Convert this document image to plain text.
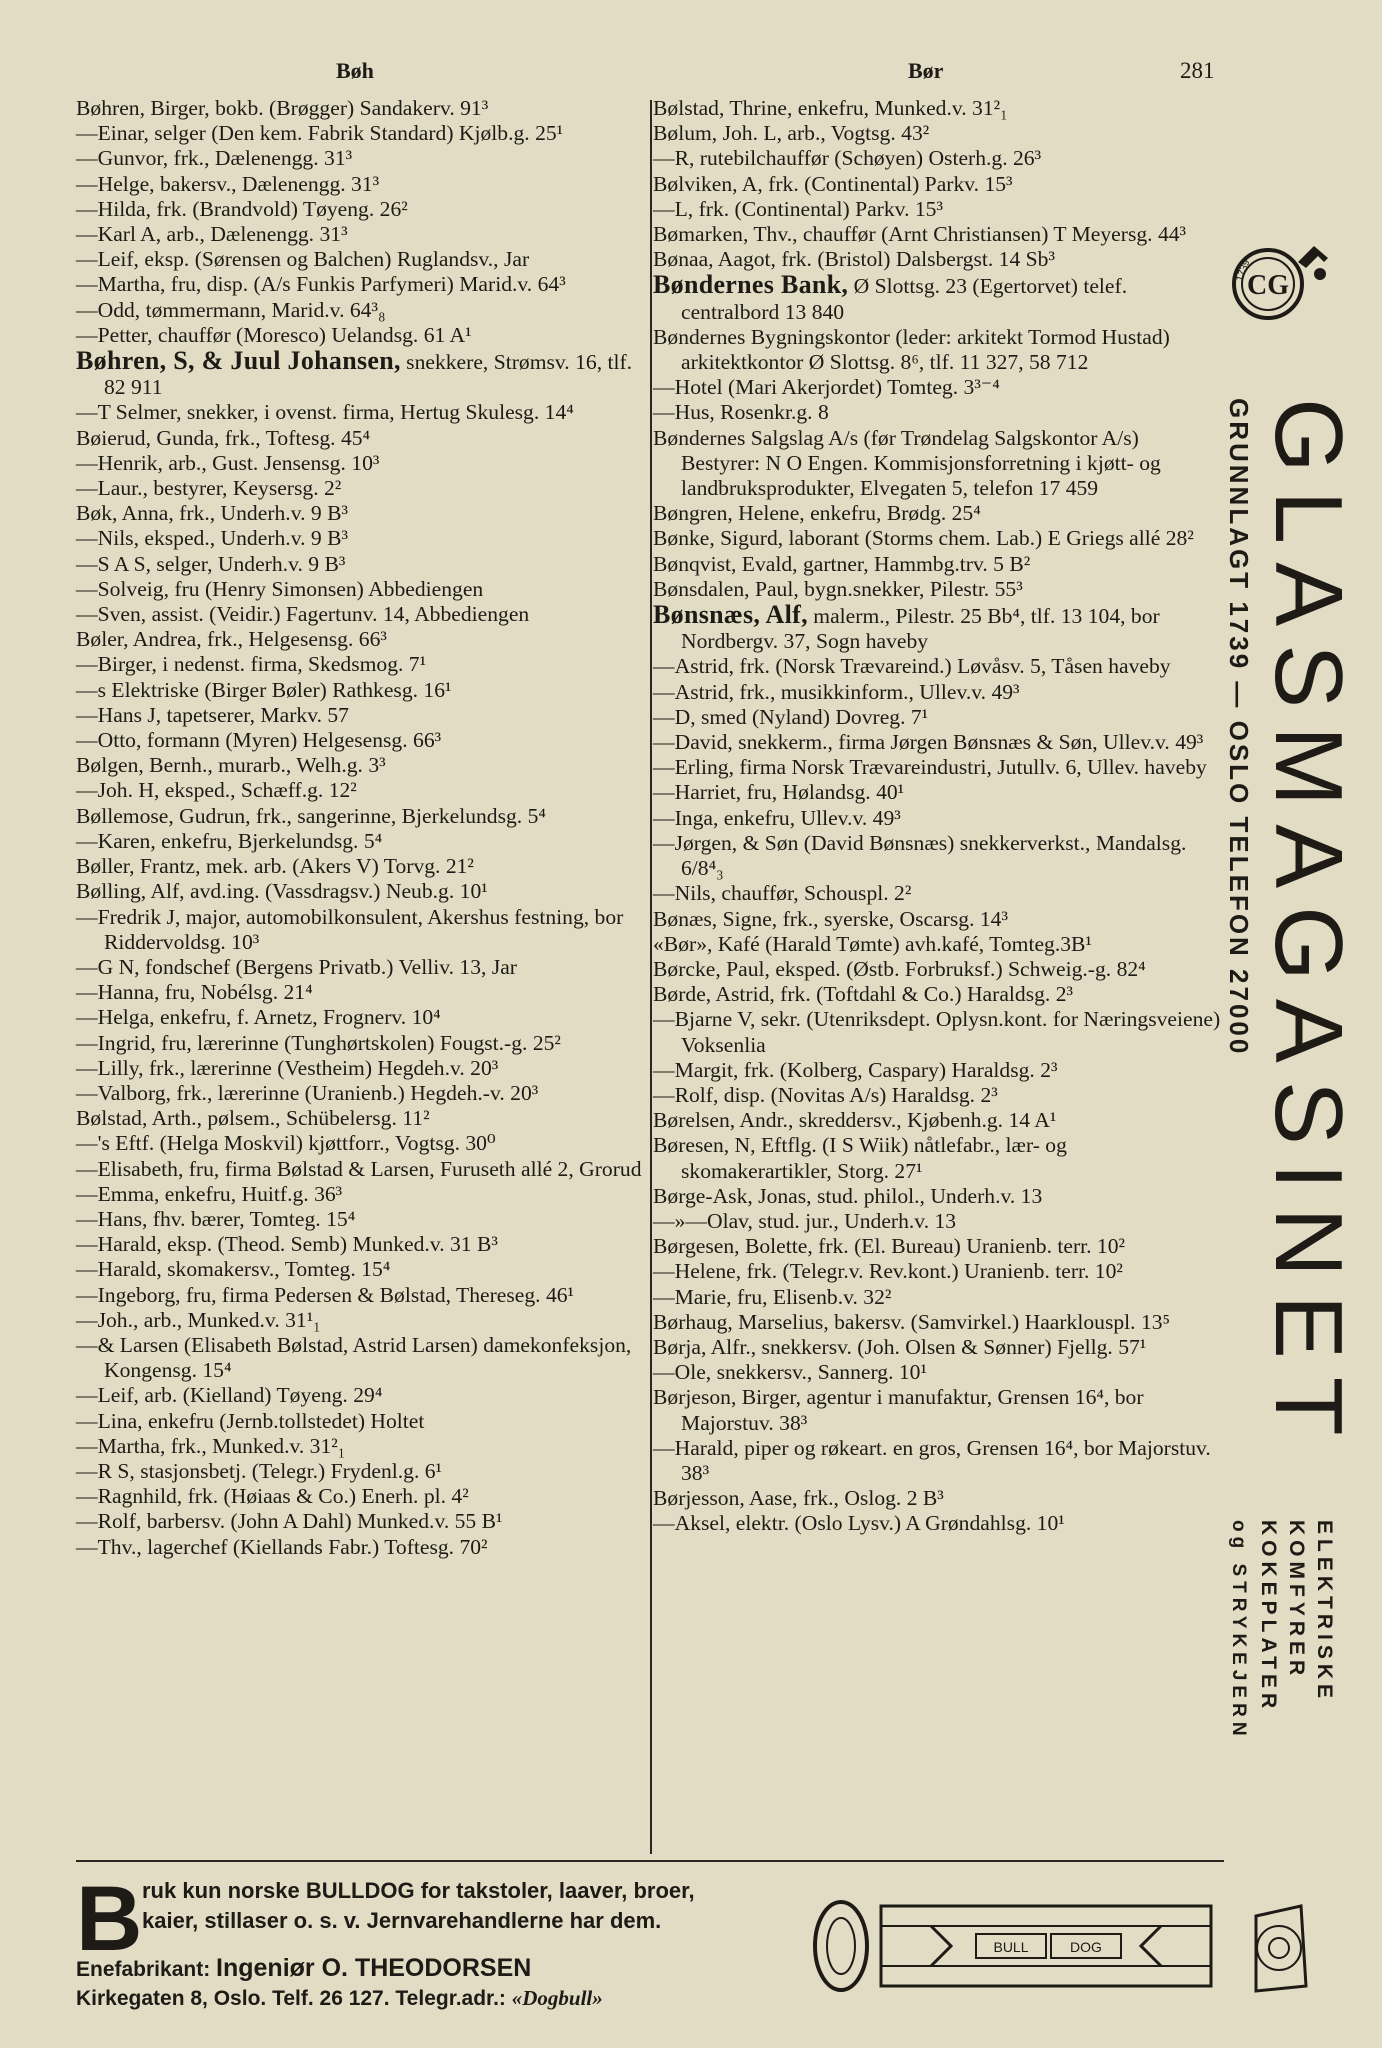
Bøh	Bør	281

Bøhren, Birger, bokb. (Brøgger) Sandakerv. 91³

—Einar, selger (Den kem. Fabrik Standard) Kjølb.g. 25¹

—Gunvor, frk., Dælenengg. 31³

—Helge, bakersv., Dælenengg. 31³

—Hilda, frk. (Brandvold) Tøyeng. 26²

—Karl A, arb., Dælenengg. 31³

—Leif, eksp. (Sørensen og Balchen) Ruglandsv., Jar

—Martha, fru, disp. (A/s Funkis Parfymeri) Marid.v. 64³

—Odd, tømmermann, Marid.v. 64³₈

—Petter, chauffør (Moresco) Uelandsg. 61 A¹

Bøhren, S, & Juul Johansen, snekkere, Strømsv. 16, tlf. 82 911

—T Selmer, snekker, i ovenst. firma, Hertug Skulesg. 14⁴

Bøierud, Gunda, frk., Toftesg. 45⁴

—Henrik, arb., Gust. Jensensg. 10³

—Laur., bestyrer, Keysersg. 2²

Bøk, Anna, frk., Underh.v. 9 B³

—Nils, eksped., Underh.v. 9 B³

—S A S, selger, Underh.v. 9 B³

—Solveig, fru (Henry Simonsen) Abbediengen

—Sven, assist. (Veidir.) Fagertunv. 14, Abbediengen

Bøler, Andrea, frk., Helgesensg. 66³

—Birger, i nedenst. firma, Skedsmog. 7¹

—s Elektriske (Birger Bøler) Rathkesg. 16¹

—Hans J, tapetserer, Markv. 57

—Otto, formann (Myren) Helgesensg. 66³

Bølgen, Bernh., murarb., Welh.g. 3³

—Joh. H, eksped., Schæff.g. 12²

Bøllemose, Gudrun, frk., sangerinne, Bjerkelundsg. 5⁴

—Karen, enkefru, Bjerkelundsg. 5⁴

Bøller, Frantz, mek. arb. (Akers V) Torvg. 21²

Bølling, Alf, avd.ing. (Vassdragsv.) Neub.g. 10¹

—Fredrik J, major, automobilkonsulent, Akershus festning, bor Riddervoldsg. 10³

—G N, fondschef (Bergens Privatb.) Velliv. 13, Jar

—Hanna, fru, Nobélsg. 21⁴

—Helga, enkefru, f. Arnetz, Frognerv. 10⁴

—Ingrid, fru, lærerinne (Tunghørtskolen) Fougst.-g. 25²

—Lilly, frk., lærerinne (Vestheim) Hegdeh.v. 20³

—Valborg, frk., lærerinne (Uranienb.) Hegdeh.-v. 20³

Bølstad, Arth., pølsem., Schübelersg. 11²

—'s Eftf. (Helga Moskvil) kjøttforr., Vogtsg. 30⁰

—Elisabeth, fru, firma Bølstad & Larsen, Furuseth allé 2, Grorud

—Emma, enkefru, Huitf.g. 36³

—Hans, fhv. bærer, Tomteg. 15⁴

—Harald, eksp. (Theod. Semb) Munked.v. 31 B³

—Harald, skomakersv., Tomteg. 15⁴

—Ingeborg, fru, firma Pedersen & Bølstad, Thereseg. 46¹

—Joh., arb., Munked.v. 31¹₁

—& Larsen (Elisabeth Bølstad, Astrid Larsen) damekonfeksjon, Kongensg. 15⁴

—Leif, arb. (Kielland) Tøyeng. 29⁴

—Lina, enkefru (Jernb.tollstedet) Holtet

—Martha, frk., Munked.v. 31²₁

—R S, stasjonsbetj. (Telegr.) Frydenl.g. 6¹

—Ragnhild, frk. (Høiaas & Co.) Enerh. pl. 4²

—Rolf, barbersv. (John A Dahl) Munked.v. 55 B¹

—Thv., lagerchef (Kiellands Fabr.) Toftesg. 70²

Bølstad, Thrine, enkefru, Munked.v. 31²₁

Bølum, Joh. L, arb., Vogtsg. 43²

—R, rutebilchauffør (Schøyen) Osterh.g. 26³

Bølviken, A, frk. (Continental) Parkv. 15³

—L, frk. (Continental) Parkv. 15³

Bømarken, Thv., chauffør (Arnt Christiansen) T Meyersg. 44³

Bønaa, Aagot, frk. (Bristol) Dalsbergst. 14 Sb³

Bøndernes Bank, Ø Slottsg. 23 (Egertorvet) telef. centralbord 13 840

Bøndernes Bygningskontor (leder: arkitekt Tormod Hustad) arkitektkontor Ø Slottsg. 8⁶, tlf. 11 327, 58 712

—Hotel (Mari Akerjordet) Tomteg. 3³⁻⁴

—Hus, Rosenkr.g. 8

Bøndernes Salgslag A/s (før Trøndelag Salgskontor A/s) Bestyrer: N O Engen. Kommisjonsforretning i kjøtt- og landbruksprodukter, Elvegaten 5, telefon 17 459

Bøngren, Helene, enkefru, Brødg. 25⁴

Bønke, Sigurd, laborant (Storms chem. Lab.) E Griegs allé 28²

Bønqvist, Evald, gartner, Hammbg.trv. 5 B²

Bønsdalen, Paul, bygn.snekker, Pilestr. 55³

Bønsnæs, Alf, malerm., Pilestr. 25 Bb⁴, tlf. 13 104, bor Nordbergv. 37, Sogn haveby

—Astrid, frk. (Norsk Trævareind.) Løvåsv. 5, Tåsen haveby

—Astrid, frk., musikkinform., Ullev.v. 49³

—D, smed (Nyland) Dovreg. 7¹

—David, snekkerm., firma Jørgen Bønsnæs & Søn, Ullev.v. 49³

—Erling, firma Norsk Trævareindustri, Jutullv. 6, Ullev. haveby

—Harriet, fru, Hølandsg. 40¹

—Inga, enkefru, Ullev.v. 49³

—Jørgen, & Søn (David Bønsnæs) snekkerverkst., Mandalsg. 6/8⁴₃

—Nils, chauffør, Schouspl. 2²

Bønæs, Signe, frk., syerske, Oscarsg. 14³

«Bør», Kafé (Harald Tømte) avh.kafé, Tomteg.3B¹

Børcke, Paul, eksped. (Østb. Forbruksf.) Schweig.-g. 82⁴

Børde, Astrid, frk. (Toftdahl & Co.) Haraldsg. 2³

—Bjarne V, sekr. (Utenriksdept. Oplysn.kont. for Næringsveiene) Voksenlia

—Margit, frk. (Kolberg, Caspary) Haraldsg. 2³

—Rolf, disp. (Novitas A/s) Haraldsg. 2³

Børelsen, Andr., skreddersv., Kjøbenh.g. 14 A¹

Børesen, N, Eftflg. (I S Wiik) nåtlefabr., lær- og skomakerartikler, Storg. 27¹

Børge-Ask, Jonas, stud. philol., Underh.v. 13

—»—Olav, stud. jur., Underh.v. 13

Børgesen, Bolette, frk. (El. Bureau) Uranienb. terr. 10²

—Helene, frk. (Telegr.v. Rev.kont.) Uranienb. terr. 10²

—Marie, fru, Elisenb.v. 32²

Børhaug, Marselius, bakersv. (Samvirkel.) Haarklouspl. 13⁵

Børja, Alfr., snekkersv. (Joh. Olsen & Sønner) Fjellg. 57¹

—Ole, snekkersv., Sannerg. 10¹

Børjeson, Birger, agentur i manufaktur, Grensen 16⁴, bor Majorstuv. 38³

—Harald, piper og røkeart. en gros, Grensen 16⁴, bor Majorstuv. 38³

Børjesson, Aase, frk., Oslog. 2 B³

—Aksel, elektr. (Oslo Lysv.) A Grøndahlsg. 10¹

CG
1739
GLASMAGASINET
GRUNNLAGT 1739 — OSLO TELEFON 27000
ELEKTRISKE
KOMFYRER
KOKEPLATER
og STRYKEJERN
B ruk kun norske BULLDOG for takstoler, laaver, broer,
kaier, stillaser o. s. v. Jernvarehandlerne har dem.
Enefabrikant: Ingeniør O. THEODORSEN
Kirkegaten 8, Oslo. Telf. 26 127. Telegr.adr.: «Dogbull»
BULL	DOG
